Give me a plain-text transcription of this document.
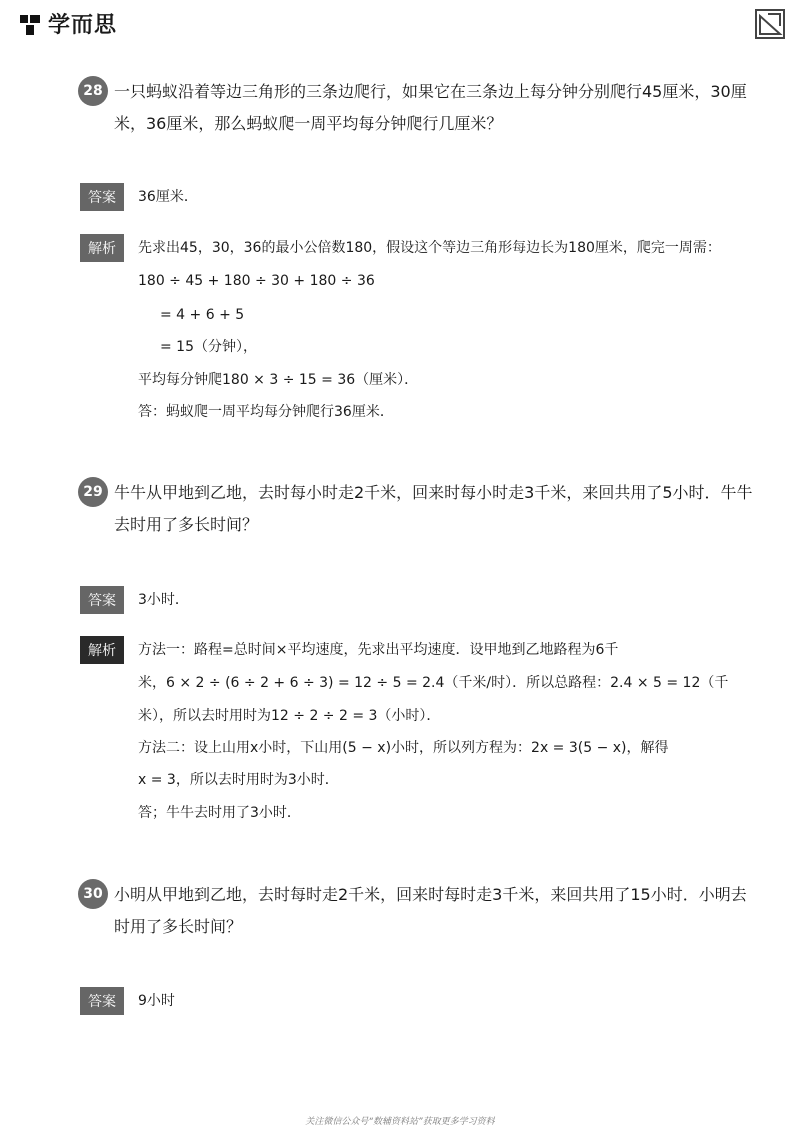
学而思
28 一只蚂蚁沿着等边三角形的三条边爬行，如果它在三条边上每分钟分别爬行45厘米，30厘
米，36厘米，那么蚂蚁爬一周平均每分钟爬行几厘米？
答案	36厘米．
解析	先求出45，30，36的最小公倍数180，假设这个等边三角形每边长为180厘米，爬完一周需：
180 ÷ 45 + 180 ÷ 30 + 180 ÷ 36
= 4 + 6 + 5
= 15（分钟），
平均每分钟爬180 × 3 ÷ 15 = 36（厘米）．
答：蚂蚁爬一周平均每分钟爬行36厘米．
29 牛牛从甲地到乙地，去时每小时走2千米，回来时每小时走3千米，来回共用了5小时．牛牛
去时用了多长时间？
答案	3小时．
解析	方法一：路程=总时间×平均速度，先求出平均速度．设甲地到乙地路程为6千
米，6 × 2 ÷ (6 ÷ 2 + 6 ÷ 3) = 12 ÷ 5 = 2.4（千米/时）．所以总路程：2.4 × 5 = 12（千
米），所以去时用时为12 ÷ 2 ÷ 2 = 3（小时）．
方法二：设上山用x小时，下山用(5 − x)小时，所以列方程为：2x = 3(5 − x)，解得
x = 3，所以去时用时为3小时．
答；牛牛去时用了3小时．
30 小明从甲地到乙地，去时每时走2千米，回来时每时走3千米，来回共用了15小时．小明去
时用了多长时间？
答案	9小时
关注微信公众号“数辅资料站”获取更多学习资料
